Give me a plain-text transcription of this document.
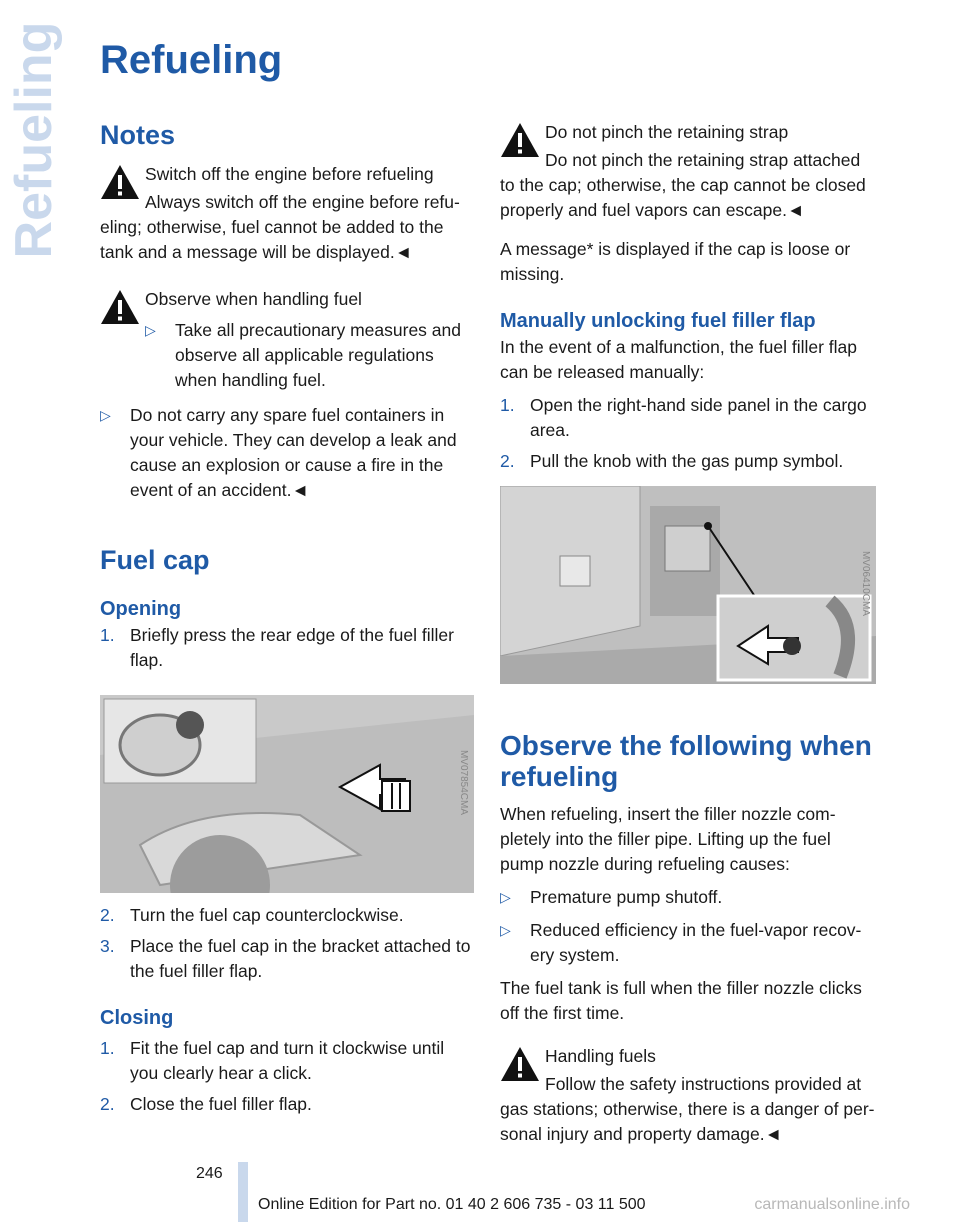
Refueling Refueling
Notes

Switch off the engine before refueling

Always switch off the engine before refu-

eling; otherwise, fuel cannot be added to the tank and a message will be displayed.◄

Observe when handling fuel

▷ Take all precautionary measures and observe all applicable regulations when handling fuel.
▷ Do not carry any spare fuel containers in your vehicle. They can develop a leak and cause an explosion or cause a fire in the event of an accident.◄
Fuel cap
Opening
1. Briefly press the rear edge of the fuel filler flap.
MV07854CMA
2. Turn the fuel cap counterclockwise.
3. Place the fuel cap in the bracket attached to the fuel filler flap.
Closing
1. Fit the fuel cap and turn it clockwise until you clearly hear a click.
2. Close the fuel filler flap.

Do not pinch the retaining strap

Do not pinch the retaining strap attached

to the cap; otherwise, the cap cannot be closed properly and fuel vapors can escape.◄

A message* is displayed if the cap is loose or missing.

Manually unlocking fuel filler flap

In the event of a malfunction, the fuel filler flap can be released manually:

1. Open the right-hand side panel in the cargo area.
2. Pull the knob with the gas pump symbol.
MV06410CMA
Observe the following when refueling

When refueling, insert the filler nozzle com-pletely into the filler pipe. Lifting up the fuel pump nozzle during refueling causes:

▷ Premature pump shutoff.
▷ Reduced efficiency in the fuel-vapor recov-ery system.

The fuel tank is full when the filler nozzle clicks off the first time.

Handling fuels

Follow the safety instructions provided at

gas stations; otherwise, there is a danger of per-sonal injury and property damage.◄

246
Online Edition for Part no. 01 40 2 606 735 - 03 11 500	carmanualsonline.info
